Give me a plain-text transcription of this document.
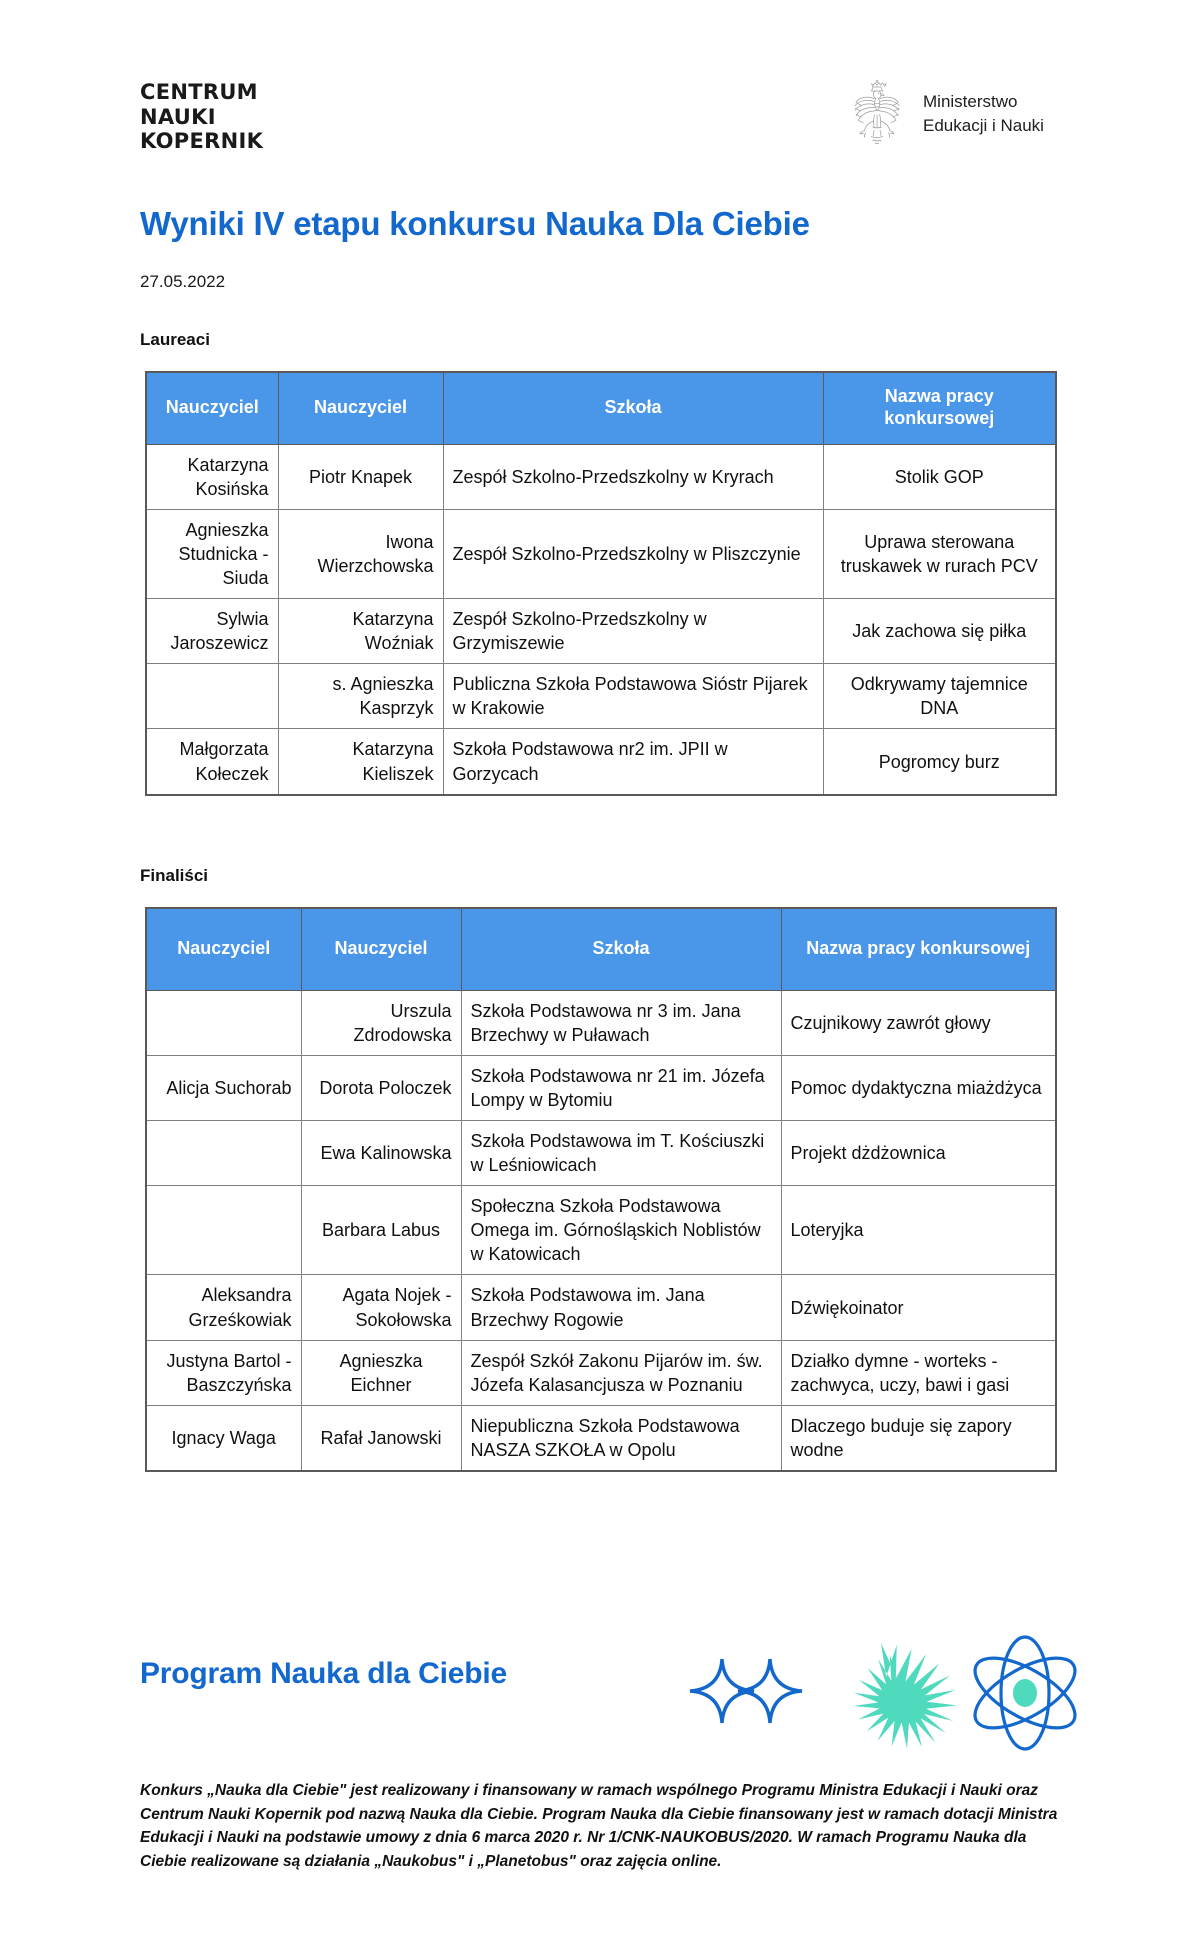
CENTRUM
NAUKI
KOPERNIK
Ministerstwo
Edukacji i Nauki
Wyniki IV etapu konkursu Nauka Dla Ciebie
27.05.2022
Laureaci
Nauczyciel	Nauczyciel	Szkoła	Nazwa pracy konkursowej
Katarzyna Kosińska	Piotr Knapek	Zespół Szkolno-Przedszkolny w Kryrach	Stolik GOP
Agnieszka Studnicka - Siuda	Iwona Wierzchowska	Zespół Szkolno-Przedszkolny w Pliszczynie	Uprawa sterowana truskawek w rurach PCV
Sylwia Jaroszewicz	Katarzyna Woźniak	Zespół Szkolno-Przedszkolny w Grzymiszewie	Jak zachowa się piłka
	s. Agnieszka Kasprzyk	Publiczna Szkoła Podstawowa Sióstr Pijarek w Krakowie	Odkrywamy tajemnice DNA
Małgorzata Kołeczek	Katarzyna Kieliszek	Szkoła Podstawowa nr2 im. JPII w Gorzycach	Pogromcy burz
Finaliści
Nauczyciel	Nauczyciel	Szkoła	Nazwa pracy konkursowej
	Urszula Zdrodowska	Szkoła Podstawowa nr 3 im. Jana Brzechwy w Puławach	Czujnikowy zawrót głowy
Alicja Suchorab	Dorota Poloczek	Szkoła Podstawowa nr 21 im. Józefa Lompy w Bytomiu	Pomoc dydaktyczna miażdżyca
	Ewa Kalinowska	Szkoła Podstawowa im T. Kościuszki w Leśniowicach	Projekt dżdżownica
	Barbara Labus	Społeczna Szkoła Podstawowa Omega im. Górnośląskich Noblistów w Katowicach	Loteryjka
Aleksandra Grześkowiak	Agata Nojek - Sokołowska	Szkoła Podstawowa im. Jana Brzechwy Rogowie	Dźwiękoinator
Justyna Bartol - Baszczyńska	Agnieszka Eichner	Zespół Szkół Zakonu Pijarów im. św. Józefa Kalasancjusza w Poznaniu	Działko dymne - worteks - zachwyca, uczy, bawi i gasi
Ignacy Waga	Rafał Janowski	Niepubliczna Szkoła Podstawowa NASZA SZKOŁA w Opolu	Dlaczego buduje się zapory wodne
Program Nauka dla Ciebie
Konkurs „Nauka dla Ciebie" jest realizowany i finansowany w ramach wspólnego Programu Ministra Edukacji i Nauki oraz Centrum Nauki Kopernik pod nazwą Nauka dla Ciebie. Program Nauka dla Ciebie finansowany jest w ramach dotacji Ministra Edukacji i Nauki na podstawie umowy z dnia 6 marca 2020 r. Nr 1/CNK-NAUKOBUS/2020. W ramach Programu Nauka dla Ciebie realizowane są działania „Naukobus" i „Planetobus" oraz zajęcia online.
